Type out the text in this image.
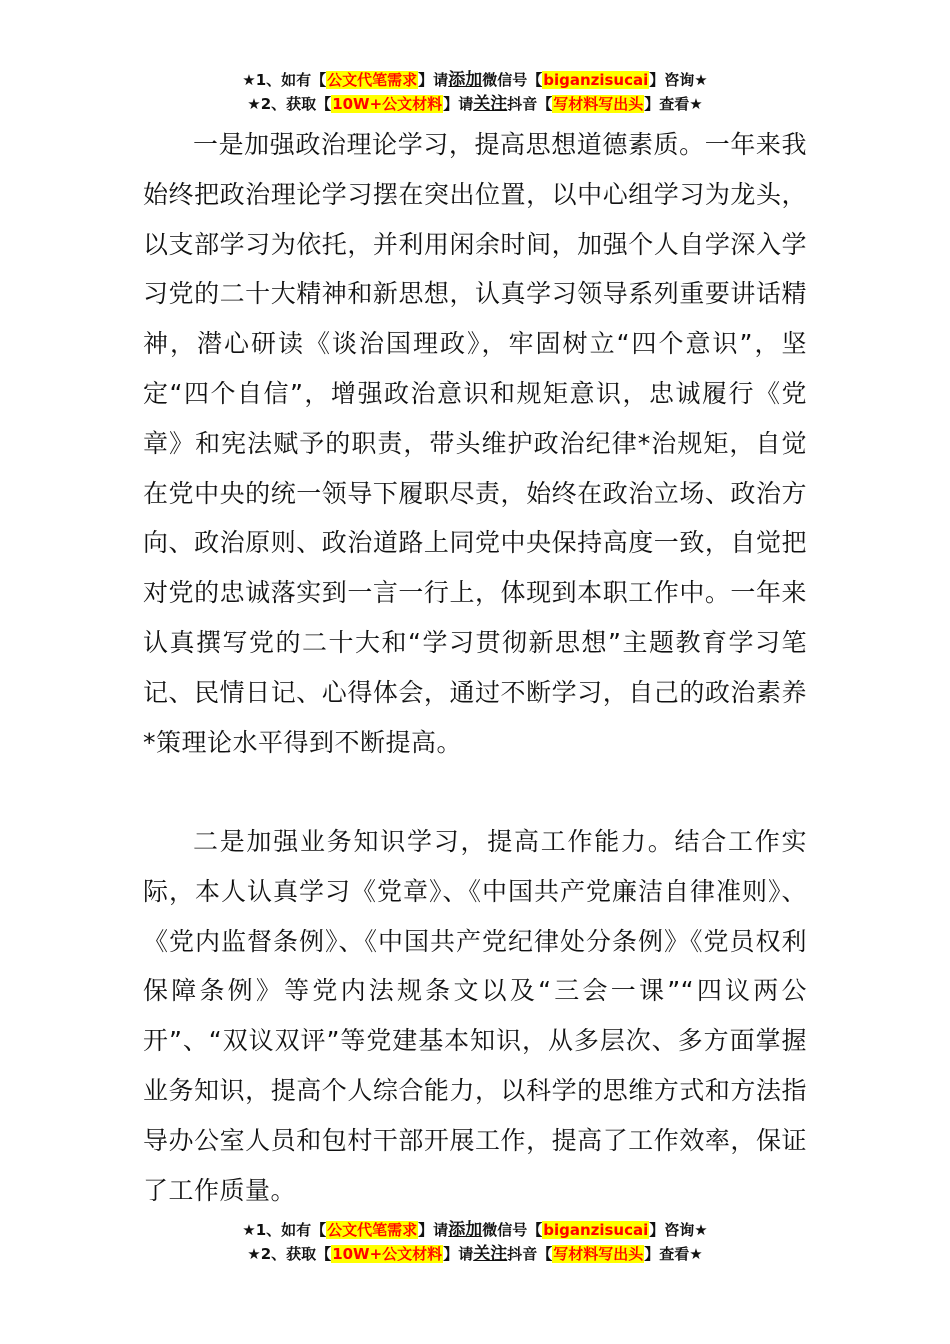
★1、如有【公文代笔需求】请添加微信号【biganzisucai】咨询★
★2、获取【10W+公文材料】请关注抖音【写材料写出头】查看★

一是加强政治理论学习，提高思想道德素质。一年来我始终把政治理论学习摆在突出位置，以中心组学习为龙头，以支部学习为依托，并利用闲余时间，加强个人自学深入学习党的二十大精神和新思想，认真学习领导系列重要讲话精神，潜心研读《谈治国理政》，牢固树立“四个意识”，坚定“四个自信”，增强政治意识和规矩意识，忠诚履行《党章》和宪法赋予的职责，带头维护政治纪律*治规矩，自觉在党中央的统一领导下履职尽责，始终在政治立场、政治方向、政治原则、政治道路上同党中央保持高度一致，自觉把对党的忠诚落实到一言一行上，体现到本职工作中。一年来认真撰写党的二十大和“学习贯彻新思想”主题教育学习笔记、民情日记、心得体会，通过不断学习，自己的政治素养*策理论水平得到不断提高。

二是加强业务知识学习，提高工作能力。结合工作实际，本人认真学习《党章》、《中国共产党廉洁自律准则》、《党内监督条例》、《中国共产党纪律处分条例》《党员权利保障条例》等党内法规条文以及“三会一课”“四议两公开”、“双议双评”等党建基本知识，从多层次、多方面掌握业务知识，提高个人综合能力，以科学的思维方式和方法指导办公室人员和包村干部开展工作，提高了工作效率，保证了工作质量。

★1、如有【公文代笔需求】请添加微信号【biganzisucai】咨询★
★2、获取【10W+公文材料】请关注抖音【写材料写出头】查看★
